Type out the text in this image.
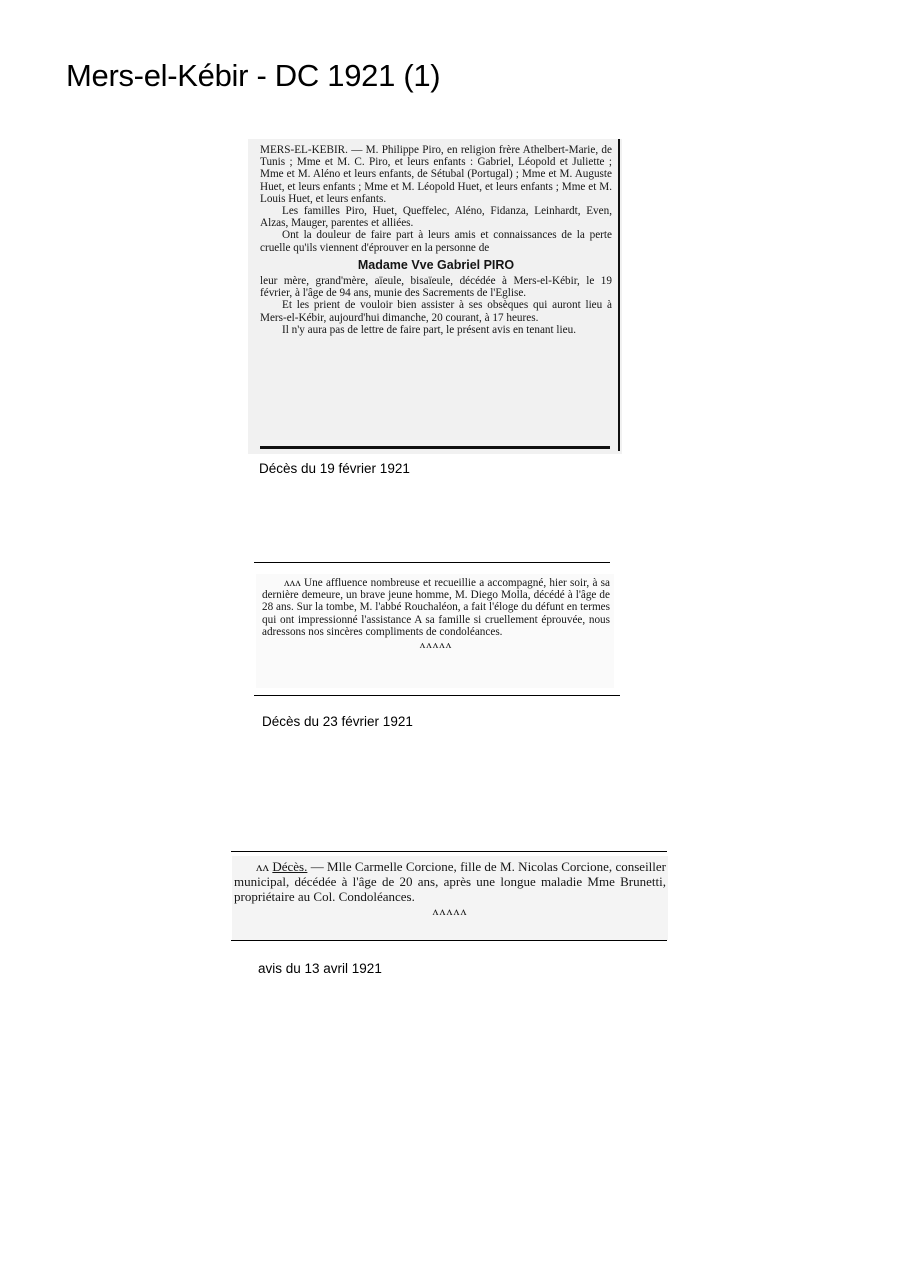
Mers-el-Kébir - DC 1921 (1)

MERS-EL-KEBIR. — M. Philippe Piro, en religion frère Athelbert-Marie, de Tunis ; Mme et M. C. Piro, et leurs enfants : Gabriel, Léopold et Juliette ; Mme et M. Aléno et leurs enfants, de Sétubal (Portugal) ; Mme et M. Auguste Huet, et leurs enfants ; Mme et M. Léopold Huet, et leurs enfants ; Mme et M. Louis Huet, et leurs enfants.

Les familles Piro, Huet, Queffelec, Aléno, Fidanza, Leinhardt, Even, Alzas, Mauger, parentes et alliées.

Ont la douleur de faire part à leurs amis et connaissances de la perte cruelle qu'ils viennent d'éprouver en la personne de

Madame Vve Gabriel PIRO

leur mère, grand'mère, aïeule, bisaïeule, décédée à Mers-el-Kébir, le 19 février, à l'âge de 94 ans, munie des Sacrements de l'Eglise.

Et les prient de vouloir bien assister à ses obsèques qui auront lieu à Mers-el-Kébir, aujourd'hui dimanche, 20 courant, à 17 heures.

Il n'y aura pas de lettre de faire part, le présent avis en tenant lieu.

Décès du 19 février 1921

ᴧᴧᴧ Une affluence nombreuse et recueillie a accompagné, hier soir, à sa dernière demeure, un brave jeune homme, M. Diego Molla, décédé à l'âge de 28 ans. Sur la tombe, M. l'abbé Rouchaléon, a fait l'éloge du défunt en termes qui ont impressionné l'assistance A sa famille si cruellement éprouvée, nous adressons nos sincères compliments de condoléances.

ᴧᴧᴧᴧᴧ
Décès du 23 février 1921

ᴧᴧ Décès. — Mlle Carmelle Corcione, fille de M. Nicolas Corcione, conseiller municipal, décédée à l'âge de 20 ans, après une longue maladie Mme Brunetti, propriétaire au Col. Condoléances.

ᴧᴧᴧᴧᴧ
avis du 13 avril 1921
